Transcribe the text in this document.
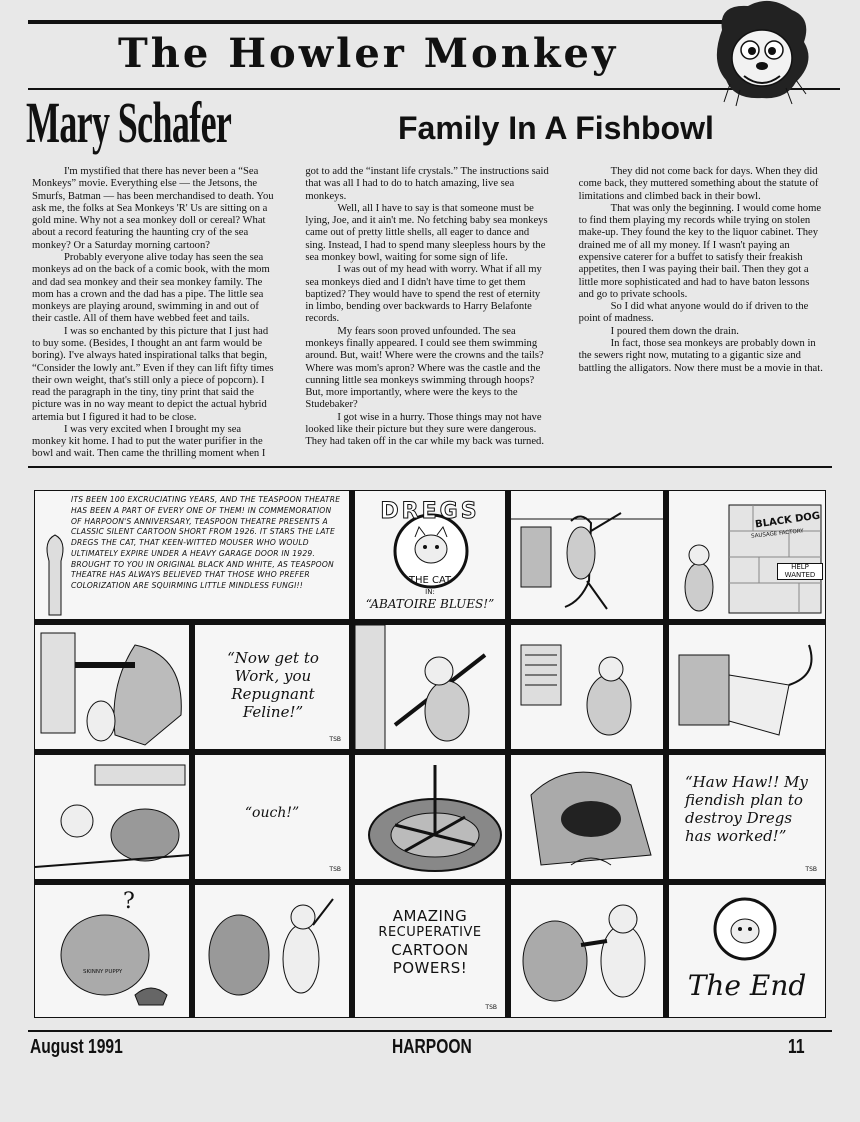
The Howler Monkey
Mary Schafer	Family In A Fishbowl

I'm mystified that there has never been a “Sea Monkeys” movie. Everything else — the Jetsons, the Smurfs, Batman — has been merchandised to death. You ask me, the folks at Sea Monkeys 'R' Us are sitting on a gold mine. Why not a sea monkey doll or cereal? What about a record featuring the haunting cry of the sea monkey? Or a Saturday morning cartoon?

Probably everyone alive today has seen the sea monkeys ad on the back of a comic book, with the mom and dad sea monkey and their sea monkey family. The mom has a crown and the dad has a pipe. The little sea monkeys are playing around, swimming in and out of their castle. All of them have webbed feet and tails.

I was so enchanted by this picture that I just had to buy some. (Besides, I thought an ant farm would be boring). I've always hated inspirational talks that begin, “Consider the lowly ant.” Even if they can lift fifty times their own weight, that's still only a piece of popcorn). I read the paragraph in the tiny, tiny print that said the picture was in no way meant to depict the actual hybrid artemia but I figured it had to be close.

I was very excited when I brought my sea monkey kit home. I had to put the water purifier in the bowl and wait. Then came the thrilling moment when I got to add the “instant life crystals.” The instructions said that was all I had to do to hatch amazing, live sea monkeys.

Well, all I have to say is that someone must be lying, Joe, and it ain't me. No fetching baby sea monkeys came out of pretty little shells, all eager to dance and sing. Instead, I had to spend many sleepless hours by the sea monkey bowl, waiting for some sign of life.

I was out of my head with worry. What if all my sea monkeys died and I didn't have time to get them baptized? They would have to spend the rest of eternity in limbo, bending over backwards to Harry Belafonte records.

My fears soon proved unfounded. The sea monkeys finally appeared. I could see them swimming around. But, wait! Where were the crowns and the tails? Where was mom's apron? Where was the castle and the cunning little sea monkeys swimming through hoops? But, more importantly, where were the keys to the Studebaker?

I got wise in a hurry. Those things may not have looked like their picture but they sure were dangerous. They had taken off in the car while my back was turned.

They did not come back for days. When they did come back, they muttered something about the statute of limitations and climbed back in their bowl.

That was only the beginning. I would come home to find them playing my records while trying on stolen make-up. They found the key to the liquor cabinet. They drained me of all my money. If I wasn't paying an expensive caterer for a buffet to satisfy their freakish appetites, then I was paying their bail. Then they got a little more sophisticated and had to have baton lessons and go to private schools.

So I did what anyone would do if driven to the point of madness.

I poured them down the drain.

In fact, those sea monkeys are probably down in the sewers right now, mutating to a gigantic size and battling the alligators. Now there must be a movie in that.

ITS BEEN 100 EXCRUCIATING YEARS, AND THE TEASPOON THEATRE HAS BEEN A PART OF EVERY ONE OF THEM! IN COMMEMORATION OF HARPOON'S ANNIVERSARY, TEASPOON THEATRE PRESENTS A CLASSIC SILENT CARTOON SHORT FROM 1926. IT STARS THE LATE DREGS THE CAT, THAT KEEN-WITTED MOUSER WHO WOULD ULTIMATELY EXPIRE UNDER A HEAVY GARAGE DOOR IN 1929. BROUGHT TO YOU IN ORIGINAL BLACK AND WHITE, AS TEASPOON THEATRE HAS ALWAYS BELIEVED THAT THOSE WHO PREFER COLORIZATION ARE SQUIRMING LITTLE MINDLESS FUNGI!!
DREGS
THE CAT
IN:
“ABATOIRE BLUES!”
BLACK DOG
SAUSAGE FACTORY
HELP
WANTED
“Now get to Work, you Repugnant Feline!”
TSB
“ouch!”
TSB
“Haw Haw!! My fiendish plan to destroy Dregs has worked!”
TSB
?
SKINNY PUPPY
AMAZING
RECUPERATIVE
CARTOON
POWERS!
TSB
The End
August 1991	HARPOON	11
